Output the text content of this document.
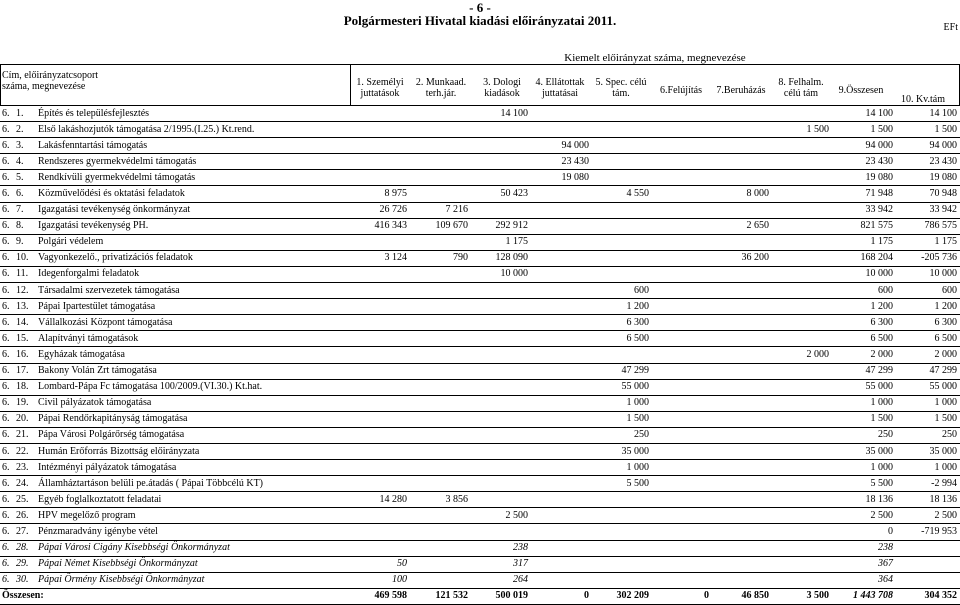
- 6 -
Polgármesteri Hivatal kiadási előirányzatai 2011.	EFt
Cím, előirányzatcsoport száma, megnevezése
Kiemelt előirányzat száma, megnevezése
1. Személyi juttatások
2. Munkaad. terh.jár.
3. Dologi kiadások
4. Ellátottak juttatásai
5. Spec. célú tám.	6.Felújítás	7.Beruházás
8. Felhalm. célú tám	9.Összesen
10. Kv.tám
6.	1.	Építés és településfejlesztés			14 100						14 100	14 100
6.	2.	Első lakáshozjutók támogatása 2/1995.(I.25.) Kt.rend.								1 500	1 500	1 500
6.	3.	Lakásfenntartási támogatás				94 000					94 000	94 000
6.	4.	Rendszeres gyermekvédelmi támogatás				23 430					23 430	23 430
6.	5.	Rendkívüli gyermekvédelmi támogatás				19 080					19 080	19 080
6.	6.	Közművelődési és oktatási feladatok	8 975		50 423		4 550		8 000		71 948	70 948
6.	7.	Igazgatási tevékenység önkormányzat	26 726	7 216							33 942	33 942
6.	8.	Igazgatási tevékenység PH.	416 343	109 670	292 912				2 650		821 575	786 575
6.	9.	Polgári védelem			1 175						1 175	1 175
6.	10.	Vagyonkezelő., privatizációs feladatok	3 124	790	128 090				36 200		168 204	-205 736
6.	11.	Idegenforgalmi feladatok			10 000						10 000	10 000
6.	12.	Társadalmi szervezetek támogatása					600				600	600
6.	13.	Pápai Ipartestület támogatása					1 200				1 200	1 200
6.	14.	Vállalkozási Központ támogatása					6 300				6 300	6 300
6.	15.	Alapítványi támogatások					6 500				6 500	6 500
6.	16.	Egyházak támogatása								2 000	2 000	2 000
6.	17.	Bakony Volán Zrt támogatása					47 299				47 299	47 299
6.	18.	Lombard-Pápa Fc támogatása 100/2009.(VI.30.) Kt.hat.					55 000				55 000	55 000
6.	19.	Civil pályázatok támogatása					1 000				1 000	1 000
6.	20.	Pápai Rendőrkapitányság támogatása					1 500				1 500	1 500
6.	21.	Pápa Városi Polgárőrség támogatása					250				250	250
6.	22.	Humán Erőforrás Bizottság előirányzata					35 000				35 000	35 000
6.	23.	Intézményi pályázatok támogatása					1 000				1 000	1 000
6.	24.	Államháztartáson belüli pe.átadás ( Pápai Többcélú KT)					5 500				5 500	-2 994
6.	25.	Egyéb foglalkoztatott feladatai	14 280	3 856							18 136	18 136
6.	26.	HPV megelőző program			2 500						2 500	2 500
6.	27.	Pénzmaradvány igénybe vétel									0	-719 953
6.	28.	Pápai Városi Cigány Kisebbségi Önkormányzat			238						238	
6.	29.	Pápai Német Kisebbségi Önkormányzat	50		317						367	
6.	30.	Pápai Örmény Kisebbségi Önkormányzat	100		264						364	
Összesen:			469 598	121 532	500 019	0	302 209	0	46 850	3 500	1 443 708	304 352
